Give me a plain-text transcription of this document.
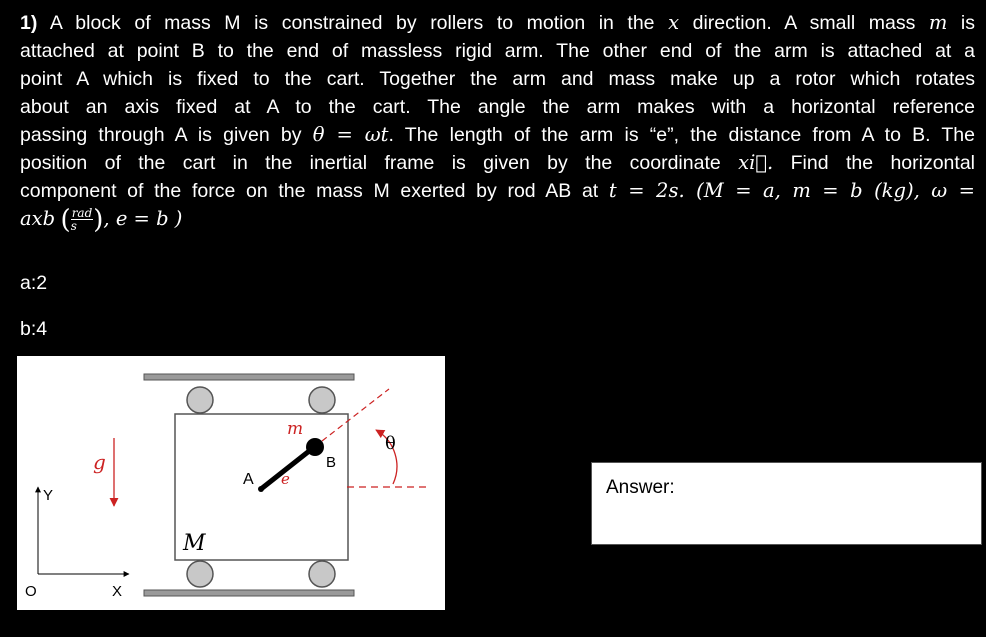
1) A block of mass M is constrained by rollers to motion in the x direction. A small mass m is
attached at point B to the end of massless rigid arm. The other end of the arm is attached at a
point A which is fixed to the cart. Together the arm and mass make up a rotor which rotates
about an axis fixed at A to the cart. The angle the arm makes with a horizontal reference
passing through A is given by θ = ωt. The length of the arm is “e”, the distance from A to B. The
position of the cart in the inertial frame is given by the coordinate xi⃗. Find the horizontal
component of the force on the mass M exerted by rod AB at t = 2s. (M = a, m = b (kg), ω =
axb ( $\frac{\text{rad}}{s}$ ), e = b )
a:2
b:4
m
B
A e
θ
M
g
Y
X
O
Answer:
